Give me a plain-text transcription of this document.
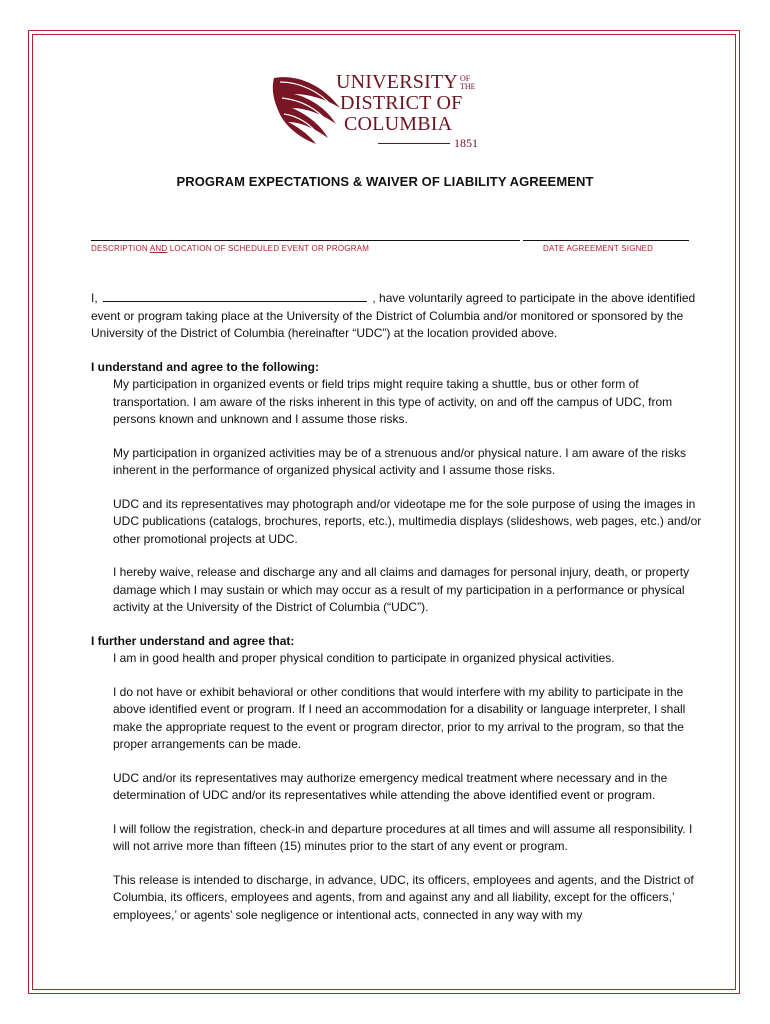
UNIVERSITY OF
THE
DISTRICT OF
COLUMBIA
1851
PROGRAM EXPECTATIONS & WAIVER OF LIABILITY AGREEMENT
DESCRIPTION AND LOCATION OF SCHEDULED EVENT OR PROGRAM	DATE AGREEMENT SIGNED

I,	, have voluntarily agreed to participate in the above identified event or program taking place at the University of the District of Columbia and/or monitored or sponsored by the University of the District of Columbia (hereinafter “UDC”) at the location provided above.

I understand and agree to the following:

My participation in organized events or field trips might require taking a shuttle, bus or other form of transportation. I am aware of the risks inherent in this type of activity, on and off the campus of UDC, from persons known and unknown and I assume those risks.

My participation in organized activities may be of a strenuous and/or physical nature. I am aware of the risks inherent in the performance of organized physical activity and I assume those risks.

UDC and its representatives may photograph and/or videotape me for the sole purpose of using the images in UDC publications (catalogs, brochures, reports, etc.), multimedia displays (slideshows, web pages, etc.) and/or other promotional projects at UDC.

I hereby waive, release and discharge any and all claims and damages for personal injury, death, or property damage which I may sustain or which may occur as a result of my participation in a performance or physical activity at the University of the District of Columbia (“UDC”).

I further understand and agree that:

I am in good health and proper physical condition to participate in organized physical activities.

I do not have or exhibit behavioral or other conditions that would interfere with my ability to participate in the above identified event or program. If I need an accommodation for a disability or language interpreter, I shall make the appropriate request to the event or program director, prior to my arrival to the program, so that the proper arrangements can be made.

UDC and/or its representatives may authorize emergency medical treatment where necessary and in the determination of UDC and/or its representatives while attending the above identified event or program.

I will follow the registration, check-in and departure procedures at all times and will assume all responsibility. I will not arrive more than fifteen (15) minutes prior to the start of any event or program.

This release is intended to discharge, in advance, UDC, its officers, employees and agents, and the District of Columbia, its officers, employees and agents, from and against any and all liability, except for the officers,’ employees,’ or agents’ sole negligence or intentional acts, connected in any way with my
